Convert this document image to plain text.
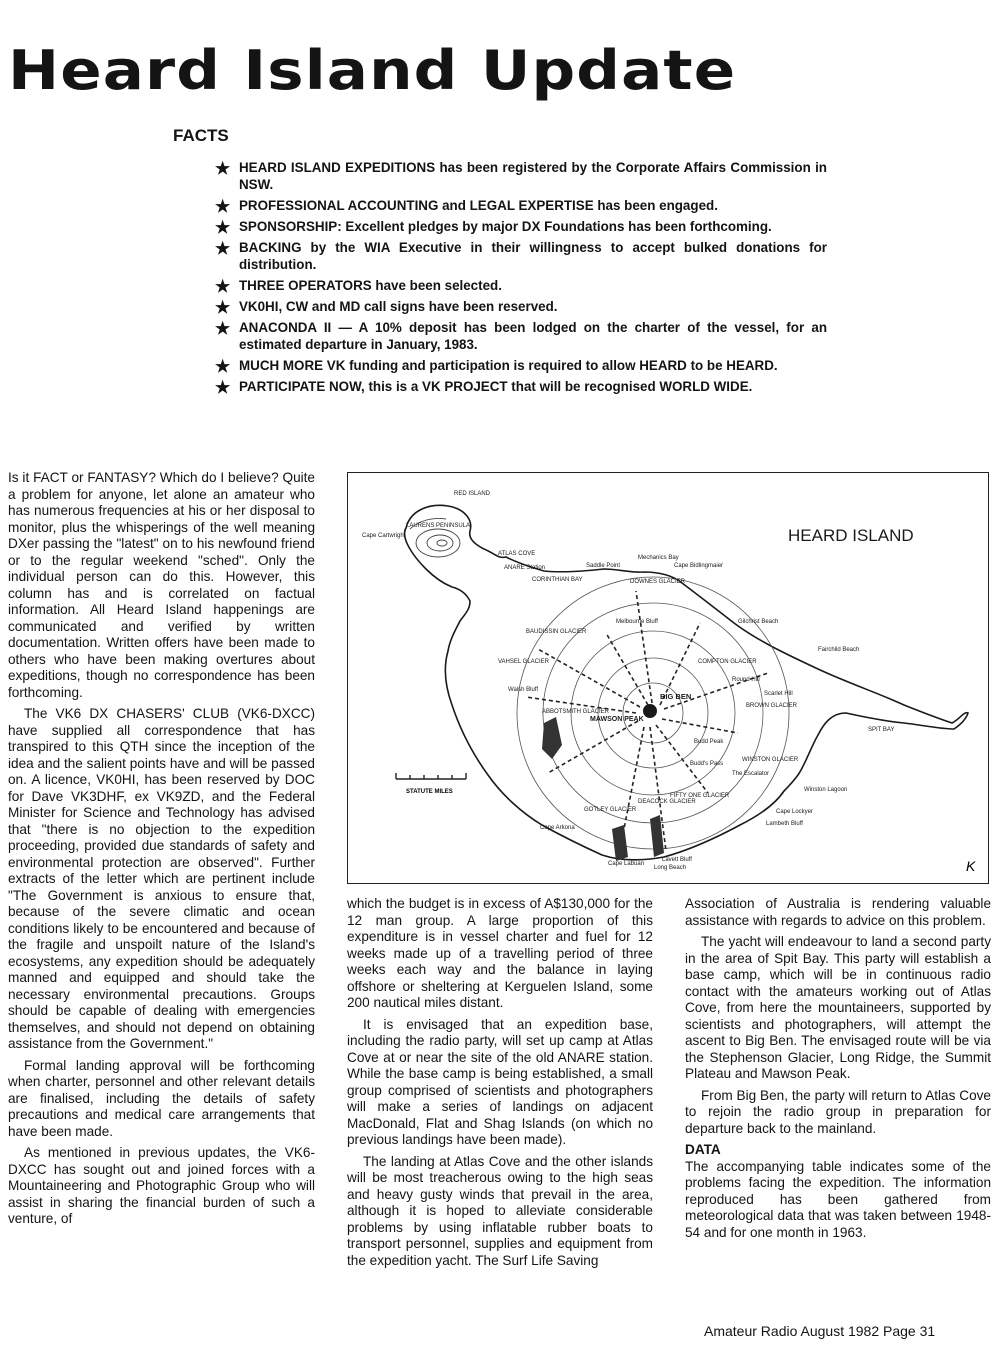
Heard Island Update
FACTS
★ HEARD ISLAND EXPEDITIONS has been registered by the Corporate Affairs Commission in NSW.
★ PROFESSIONAL ACCOUNTING and LEGAL EXPERTISE has been engaged.
★ SPONSORSHIP: Excellent pledges by major DX Foundations has been forthcoming.
★ BACKING by the WIA Executive in their willingness to accept bulked donations for distribution.
★ THREE OPERATORS have been selected.
★ VK0HI, CW and MD call signs have been reserved.
★ ANACONDA II — A 10% deposit has been lodged on the charter of the vessel, for an estimated departure in January, 1983.
★ MUCH MORE VK funding and participation is required to allow HEARD to be HEARD.
★ PARTICIPATE NOW, this is a VK PROJECT that will be recognised WORLD WIDE.

Is it FACT or FANTASY? Which do I believe? Quite a problem for anyone, let alone an amateur who has numerous frequencies at his or her disposal to monitor, plus the whisperings of the well meaning DXer passing the "latest" on to his newfound friend or to the regular weekend "sched". Only the individual person can do this. However, this column has and is correlated on factual information. All Heard Island happenings are communicated and verified by written documentation. Written offers have been made to others who have been making overtures about expeditions, though no correspondence has been forthcoming.

The VK6 DX CHASERS' CLUB (VK6-DXCC) have supplied all correspondence that has transpired to this QTH since the inception of the idea and the salient points have and will be passed on. A licence, VK0HI, has been reserved by DOC for Dave VK3DHF, ex VK9ZD, and the Federal Minister for Science and Technology has advised that "there is no objection to the expedition proceeding, provided due standards of safety and environmental protection are observed". Further extracts of the letter which are pertinent include "The Government is anxious to ensure that, because of the severe climatic and ocean conditions likely to be encountered and because of the fragile and unspoilt nature of the Island's ecosystems, any expedition should be adequately manned and equipped and should take the necessary environmental precautions. Groups should be capable of dealing with emergencies themselves, and should not depend on obtaining assistance from the Government."

Formal landing approval will be forthcoming when charter, personnel and other relevant details are finalised, including the details of safety precautions and medical care arrangements that have been made.

As mentioned in previous updates, the VK6-DXCC has sought out and joined forces with a Mountaineering and Photographic Group who will assist in sharing the financial burden of such a venture, of

HEARD ISLAND
STATUTE MILES
K
RED ISLAND
Cape Cartwright
LAURENS PENINSULA
ATLAS COVE
ANARE Station
CORINTHIAN BAY
Saddle Point
Mechanics Bay
Cape Bidlingmaier
DOWNES GLACIER
Gilchrist Beach
BAUDISSIN GLACIER
Melbourne Bluff
VAHSEL GLACIER	COMPTON GLACIER
Fairchild Beach
Round Hill
BROWN GLACIER
Walsh Bluff
Scarlet Hill
BIG BEN
ABBOTSMITH GLACIER
MAWSON PEAK
SPIT BAY
Budd Peak
WINSTON GLACIER
Budd's Pass
The Escalator
Winston Lagoon
FIFTY ONE GLACIER
Cape Lockyer
Lambeth Bluff
Cape Arkona
GOTLEY GLACIER
DEACOCK GLACIER
Lavett Bluff
Cape Labuan
Long Beach

which the budget is in excess of A$130,000 for the 12 man group. A large proportion of this expenditure is in vessel charter and fuel for 12 weeks made up of a travelling period of three weeks each way and the balance in laying offshore or sheltering at Kerguelen Island, some 200 nautical miles distant.

It is envisaged that an expedition base, including the radio party, will set up camp at Atlas Cove at or near the site of the old ANARE station. While the base camp is being established, a small group comprised of scientists and photographers will make a series of landings on adjacent MacDonald, Flat and Shag Islands (on which no previous landings have been made).

The landing at Atlas Cove and the other islands will be most treacherous owing to the high seas and heavy gusty winds that prevail in the area, although it is hoped to alleviate considerable problems by using inflatable rubber boats to transport personnel, supplies and equipment from the expedition yacht. The Surf Life Saving

Association of Australia is rendering valuable assistance with regards to advice on this problem.

The yacht will endeavour to land a second party in the area of Spit Bay. This party will establish a base camp, which will be in continuous radio contact with the amateurs working out of Atlas Cove, from here the mountaineers, supported by scientists and photographers, will attempt the ascent to Big Ben. The envisaged route will be via the Stephenson Glacier, Long Ridge, the Summit Plateau and Mawson Peak.

From Big Ben, the party will return to Atlas Cove to rejoin the radio group in preparation for departure back to the mainland.

DATA

The accompanying table indicates some of the problems facing the expedition. The information reproduced has been gathered from meteorological data that was taken between 1948-54 and for one month in 1963.

Amateur Radio August 1982 Page 31
